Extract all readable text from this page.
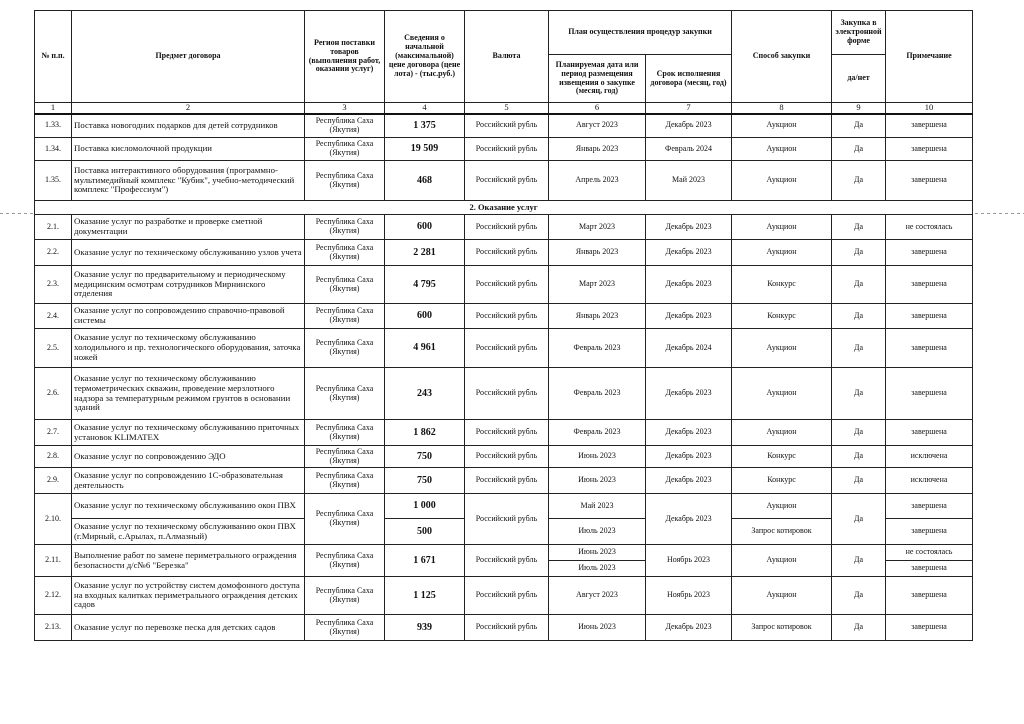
№ п.п.	Предмет договора	Регион поставки товаров (выполнения работ, оказании услуг)	Сведения о начальной (максимальной) цене договора (цене лота) - (тыс.руб.)	Валюта	План осуществления процедур закупки		Способ закупки	Закупка в электронной форме	Примечание
					Планируемая дата или период размещения извещения о закупке (месяц, год)	Срок исполнения договора (месяц, год)		да/нет	
1	2	3	4	5	6	7	8	9	10
1.33.	Поставка новогодних подарков для детей сотрудников	Республика Саха (Якутия)	1 375	Российский рубль	Август 2023	Декабрь 2023	Аукцион	Да	завершена
1.34.	Поставка кисломолочной продукции	Республика Саха (Якутия)	19 509	Российский рубль	Январь 2023	Февраль 2024	Аукцион	Да	завершена
1.35.	Поставка интерактивного оборудования (программно-мультимедийный комплекс "Кубик", учебно-методический комплекс "Профессиум")	Республика Саха (Якутия)	468	Российский рубль	Апрель 2023	Май 2023	Аукцион	Да	завершена
2. Оказание услуг									
2.1.	Оказание услуг по разработке и проверке сметной документации	Республика Саха (Якутия)	600	Российский рубль	Март 2023	Декабрь 2023	Аукцион	Да	не состоялась
2.2.	Оказание услуг по техническому обслуживанию узлов учета	Республика Саха (Якутия)	2 281	Российский рубль	Январь 2023	Декабрь 2023	Аукцион	Да	завершена
2.3.	Оказание услуг по предварительному и периодическому медицинским осмотрам сотрудников Мирнинского отделения	Республика Саха (Якутия)	4 795	Российский рубль	Март 2023	Декабрь 2023	Конкурс	Да	завершена
2.4.	Оказание услуг по сопровождению справочно-правовой системы	Республика Саха (Якутия)	600	Российский рубль	Январь 2023	Декабрь 2023	Конкурс	Да	завершена
2.5.	Оказание услуг по техническому обслуживанию холодильного и пр. технологического оборудования, заточка ножей	Республика Саха (Якутия)	4 961	Российский рубль	Февраль 2023	Декабрь 2024	Аукцион	Да	завершена
2.6.	Оказание услуг по техническому обслуживанию термометрических скважин, проведение мерзлотного надзора за температурным режимом грунтов в основании зданий	Республика Саха (Якутия)	243	Российский рубль	Февраль 2023	Декабрь 2023	Аукцион	Да	завершена
2.7.	Оказание услуг по техническому обслуживанию приточных установок KLIMATEX	Республика Саха (Якутия)	1 862	Российский рубль	Февраль 2023	Декабрь 2023	Аукцион	Да	завершена
2.8.	Оказание услуг по сопровождению ЭДО	Республика Саха (Якутия)	750	Российский рубль	Июнь 2023	Декабрь 2023	Конкурс	Да	исключена
2.9.	Оказание услуг по сопровождению 1С-образовательная деятельность	Республика Саха (Якутия)	750	Российский рубль	Июнь 2023	Декабрь 2023	Конкурс	Да	исключена
2.10.	Оказание услуг по техническому обслуживанию окон ПВХ	Республика Саха (Якутия)	1 000	Российский рубль	Май 2023	Декабрь 2023	Аукцион	Да	завершена
	Оказание услуг по техническому обслуживанию окон ПВХ (г.Мирный, с.Арылах, п.Алмазный)		500		Июль 2023		Запрос котировок		завершена
2.11.	Выполнение работ по замене периметрального ограждения безопасности д/с№6 "Березка"	Республика Саха (Якутия)	1 671	Российский рубль	Июнь 2023	Ноябрь 2023	Аукцион	Да	не состоялась
					Июль 2023				завершена
2.12.	Оказание услуг по устройству систем домофонного доступа на входных калитках периметрального ограждения детских садов	Республика Саха (Якутия)	1 125	Российский рубль	Август 2023	Ноябрь 2023	Аукцион	Да	завершена
2.13.	Оказание услуг по перевозке песка для детских садов	Республика Саха (Якутия)	939	Российский рубль	Июнь 2023	Декабрь 2023	Запрос котировок	Да	завершена
